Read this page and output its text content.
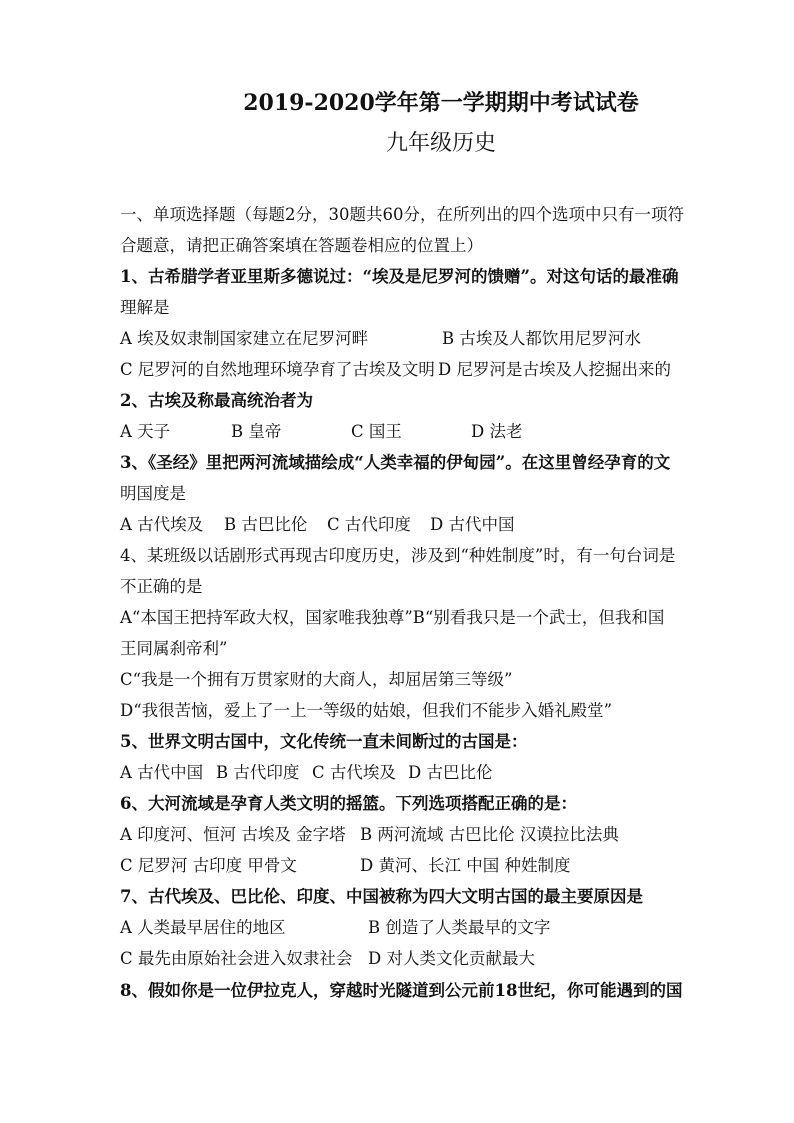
2019-2020学年第一学期期中考试试卷
九年级历史
一、单项选择题（每题2分，30题共60分，在所列出的四个选项中只有一项符
合题意，请把正确答案填在答题卷相应的位置上）
1、古希腊学者亚里斯多德说过：“埃及是尼罗河的馈赠”。对这句话的最准确
理解是
A 埃及奴隶制国家建立在尼罗河畔	B 古埃及人都饮用尼罗河水
C 尼罗河的自然地理环境孕育了古埃及文明 D 尼罗河是古埃及人挖掘出来的
2、古埃及称最高统治者为
A 天子	B 皇帝	C 国王	D 法老
3、《圣经》里把两河流域描绘成“人类幸福的伊甸园”。在这里曾经孕育的文
明国度是
A 古代埃及 B 古巴比伦 C 古代印度 D 古代中国
4、某班级以话剧形式再现古印度历史，涉及到“种姓制度”时，有一句台词是
不正确的是
A“本国王把持军政大权，国家唯我独尊”B“别看我只是一个武士，但我和国
王同属刹帝利”
C“我是一个拥有万贯家财的大商人，却屈居第三等级”
D“我很苦恼，爱上了一上一等级的姑娘，但我们不能步入婚礼殿堂”
5、世界文明古国中，文化传统一直未间断过的古国是：
A 古代中国 B 古代印度 C 古代埃及 D 古巴比伦
6、大河流域是孕育人类文明的摇篮。下列选项搭配正确的是：
A 印度河、恒河 古埃及 金字塔 B 两河流域 古巴比伦 汉谟拉比法典
C 尼罗河 古印度 甲骨文	D 黄河、长江 中国 种姓制度
7、古代埃及、巴比伦、印度、中国被称为四大文明古国的最主要原因是
A 人类最早居住的地区	B 创造了人类最早的文字
C 最先由原始社会进入奴隶社会 D 对人类文化贡献最大
8、假如你是一位伊拉克人，穿越时光隧道到公元前18世纪，你可能遇到的国
